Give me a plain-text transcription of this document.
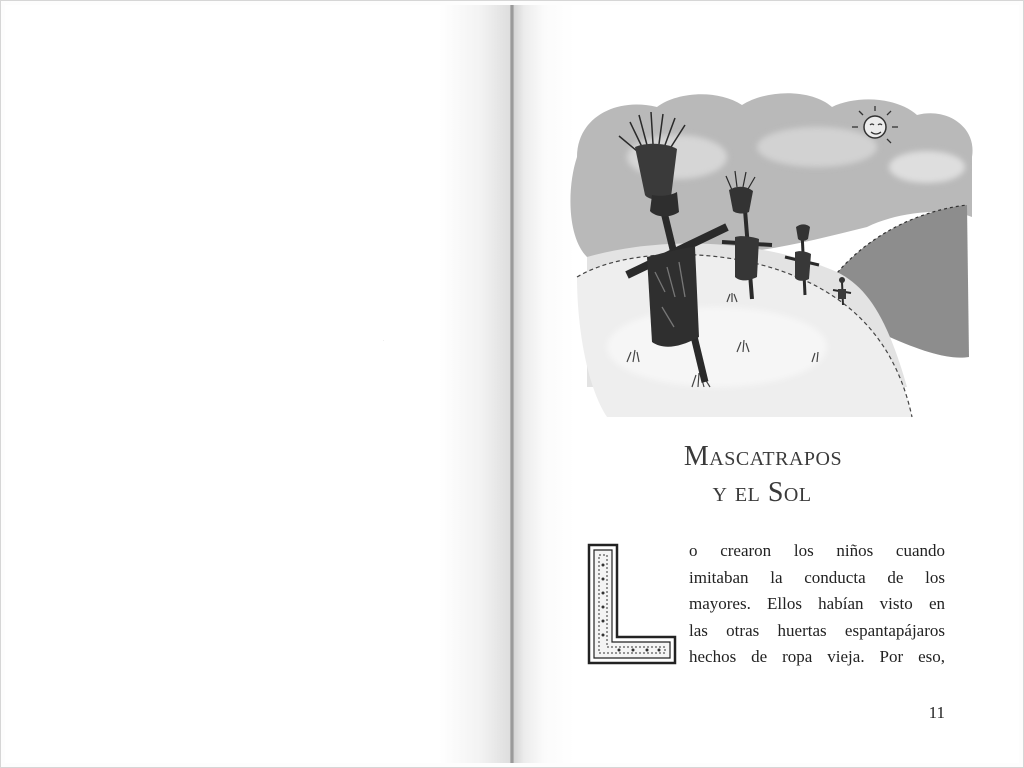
Mascatrapos
y el Sol
L
o crearon los niños cuando
imitaban la conducta de los
mayores. Ellos habían visto en
las otras huertas espantapájaros
hechos de ropa vieja. Por eso,
11
